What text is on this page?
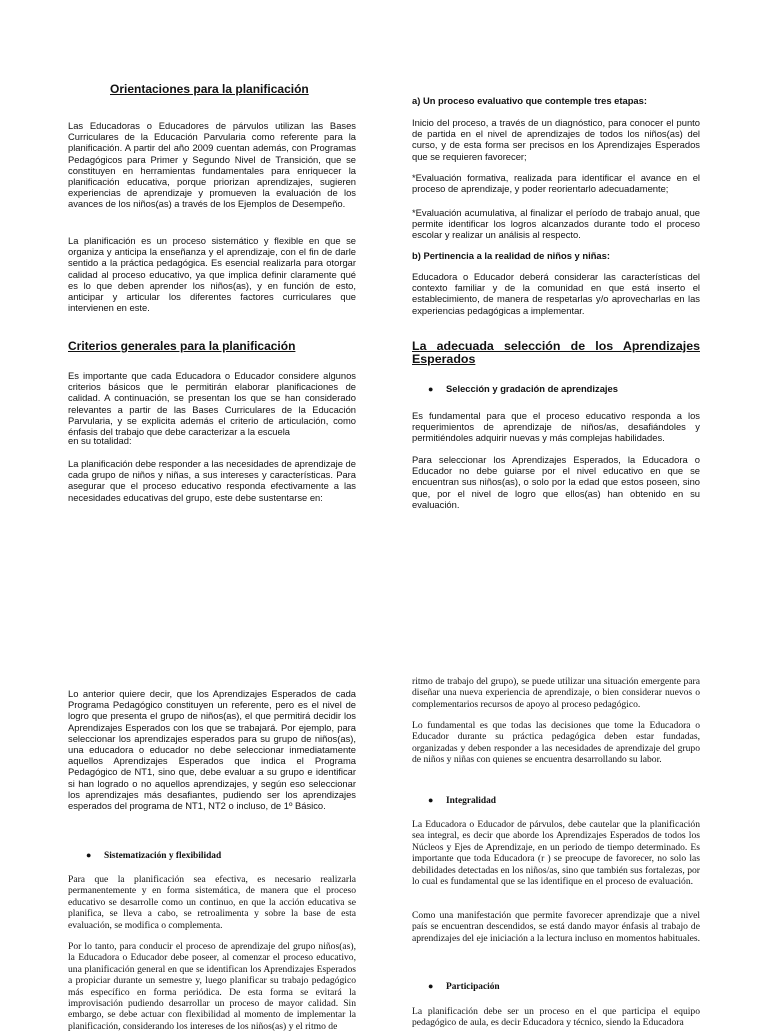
Orientaciones para la planificación

Las Educadoras o Educadores de párvulos utilizan las Bases Curriculares de la Educación Parvularia como referente para la planificación. A partir del año 2009 cuentan además, con Programas Pedagógicos para Primer y Segundo Nivel de Transición, que se constituyen en herramientas fundamentales para enriquecer la planificación educativa, porque priorizan aprendizajes, sugieren experiencias de aprendizaje y promueven la evaluación de los avances de los niños(as) a través de los Ejemplos de Desempeño.

La planificación es un proceso sistemático y flexible en que se organiza y anticipa la enseñanza y el aprendizaje, con el fin de darle sentido a la práctica pedagógica. Es esencial realizarla para otorgar calidad al proceso educativo, ya que implica definir claramente qué es lo que deben aprender los niños(as), y en función de esto, anticipar y articular los diferentes factores curriculares que intervienen en este.

Criterios generales para la planificación

Es importante que cada Educadora o Educador considere algunos criterios básicos que le permitirán elaborar planificaciones de calidad. A continuación, se presentan los que se han considerado relevantes a partir de las Bases Curriculares de la Educación Parvularia, y se explicita además el criterio de articulación, como énfasis del trabajo que debe caracterizar a la escuela

en su totalidad:

La planificación debe responder a las necesidades de aprendizaje de cada grupo de niños y niñas, a sus intereses y características. Para asegurar que el proceso educativo responda efectivamente a las necesidades educativas del grupo, este debe sustentarse en:

a) Un proceso evaluativo que contemple tres etapas:

Inicio del proceso, a través de un diagnóstico, para conocer el punto de partida en el nivel de aprendizajes de todos los niños(as) del curso, y de esta forma ser precisos en los Aprendizajes Esperados que se requieren favorecer;

*Evaluación formativa, realizada para identificar el avance en el proceso de aprendizaje, y poder reorientarlo adecuadamente;

*Evaluación acumulativa, al finalizar el período de trabajo anual, que permite identificar los logros alcanzados durante todo el proceso escolar y realizar un análisis al respecto.

b) Pertinencia a la realidad de niños y niñas:

Educadora o Educador deberá considerar las características del contexto familiar y de la comunidad en que está inserto el establecimiento, de manera de respetarlas y/o aprovecharlas en las experiencias pedagógicas a implementar.

La adecuada selección de los Aprendizajes Esperados
● Selección y gradación de aprendizajes

Es fundamental para que el proceso educativo responda a los requerimientos de aprendizaje de niños/as, desafiándoles y permitiéndoles adquirir nuevas y más complejas habilidades.

Para seleccionar los Aprendizajes Esperados, la Educadora o Educador no debe guiarse por el nivel educativo en que se encuentran sus niños(as), o solo por la edad que estos poseen, sino que, por el nivel de logro que ellos(as) han obtenido en su evaluación.

Lo anterior quiere decir, que los Aprendizajes Esperados de cada Programa Pedagógico constituyen un referente, pero es el nivel de logro que presenta el grupo de niños(as), el que permitirá decidir los Aprendizajes Esperados con los que se trabajará. Por ejemplo, para seleccionar los aprendizajes esperados para su grupo de niños(as), una educadora o educador no debe seleccionar inmediatamente aquellos Aprendizajes Esperados que indica el Programa Pedagógico de NT1, sino que, debe evaluar a su grupo e identificar si han logrado o no aquellos aprendizajes, y según eso seleccionar los aprendizajes más desafiantes, pudiendo ser los aprendizajes esperados del programa de NT1, NT2 o incluso, de 1º Básico.

● Sistematización y flexibilidad

Para que la planificación sea efectiva, es necesario realizarla permanentemente y en forma sistemática, de manera que el proceso educativo se desarrolle como un continuo, en que la acción educativa se planifica, se lleva a cabo, se retroalimenta y sobre la base de esta evaluación, se modifica o complementa.

Por lo tanto, para conducir el proceso de aprendizaje del grupo niños(as), la Educadora o Educador debe poseer, al comenzar el proceso educativo, una planificación general en que se identifican los Aprendizajes Esperados a propiciar durante un semestre y, luego planificar su trabajo pedagógico más específico en forma periódica. De esta forma se evitará la improvisación pudiendo desarrollar un proceso de mayor calidad. Sin embargo, se debe actuar con flexibilidad al momento de implementar la planificación, considerando los intereses de los niños(as) y el ritmo de

ritmo de trabajo del grupo), se puede utilizar una situación emergente para diseñar una nueva experiencia de aprendizaje, o bien considerar nuevos o complementarios recursos de apoyo al proceso pedagógico.

Lo fundamental es que todas las decisiones que tome la Educadora o Educador durante su práctica pedagógica deben estar fundadas, organizadas y deben responder a las necesidades de aprendizaje del grupo de niños y niñas con quienes se encuentra desarrollando su labor.

● Integralidad

La Educadora o Educador de párvulos, debe cautelar que la planificación sea integral, es decir que aborde los Aprendizajes Esperados de todos los Núcleos y Ejes de Aprendizaje, en un periodo de tiempo determinado. Es importante que toda Educadora (r ) se preocupe de favorecer, no solo las debilidades detectadas en los niños/as, sino que también sus fortalezas, por lo cual es fundamental que se las identifique en el proceso de evaluación.

Como una manifestación que permite favorecer aprendizaje que a nivel país se encuentran descendidos, se está dando mayor énfasis al trabajo de aprendizajes del eje iniciación a la lectura incluso en momentos habituales.

● Participación

La planificación debe ser un proceso en el que participa el equipo pedagógico de aula, es decir Educadora y técnico, siendo la Educadora
